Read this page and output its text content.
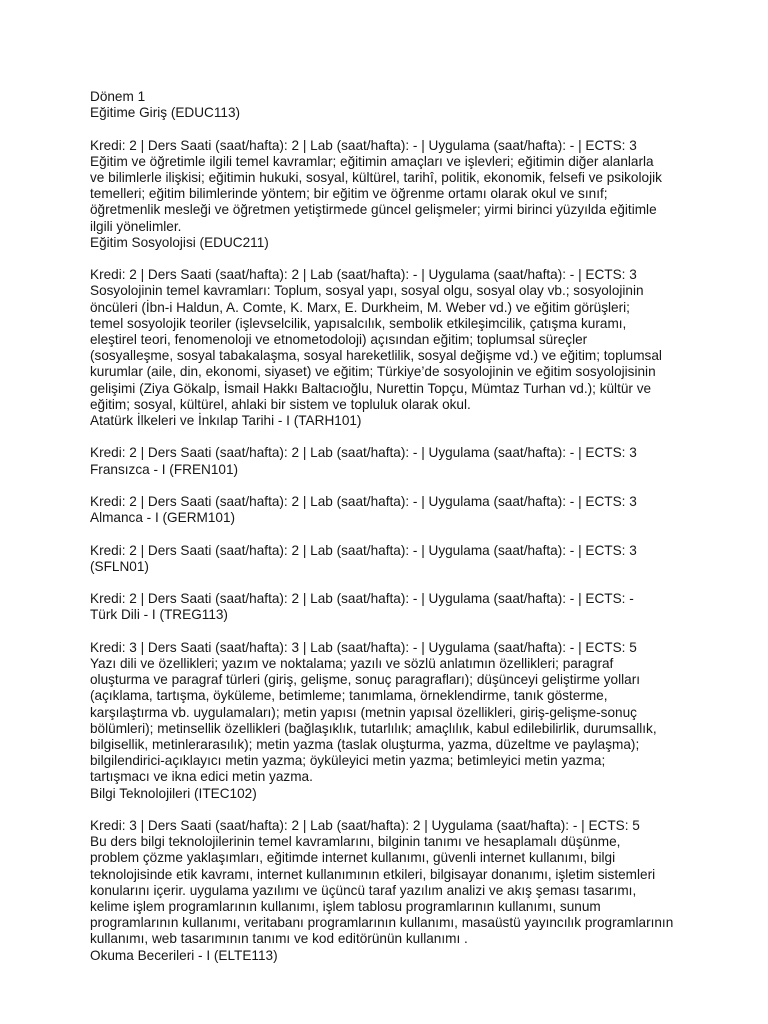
Dönem 1
Eğitime Giriş (EDUC113)
Kredi: 2 | Ders Saati (saat/hafta): 2 | Lab (saat/hafta): - | Uygulama (saat/hafta): - | ECTS: 3
Eğitim ve öğretimle ilgili temel kavramlar; eğitimin amaçları ve işlevleri; eğitimin diğer alanlarla
ve bilimlerle ilişkisi; eğitimin hukuki, sosyal, kültürel, tarihî, politik, ekonomik, felsefi ve psikolojik
temelleri; eğitim bilimlerinde yöntem; bir eğitim ve öğrenme ortamı olarak okul ve sınıf;
öğretmenlik mesleği ve öğretmen yetiştirmede güncel gelişmeler; yirmi birinci yüzyılda eğitimle
ilgili yönelimler.
Eğitim Sosyolojisi (EDUC211)
Kredi: 2 | Ders Saati (saat/hafta): 2 | Lab (saat/hafta): - | Uygulama (saat/hafta): - | ECTS: 3
Sosyolojinin temel kavramları: Toplum, sosyal yapı, sosyal olgu, sosyal olay vb.; sosyolojinin
öncüleri (İbn-i Haldun, A. Comte, K. Marx, E. Durkheim, M. Weber vd.) ve eğitim görüşleri;
temel sosyolojik teoriler (işlevselcilik, yapısalcılık, sembolik etkileşimcilik, çatışma kuramı,
eleştirel teori, fenomenoloji ve etnometodoloji) açısından eğitim; toplumsal süreçler
(sosyalleşme, sosyal tabakalaşma, sosyal hareketlilik, sosyal değişme vd.) ve eğitim; toplumsal
kurumlar (aile, din, ekonomi, siyaset) ve eğitim; Türkiye’de sosyolojinin ve eğitim sosyolojisinin
gelişimi (Ziya Gökalp, İsmail Hakkı Baltacıoğlu, Nurettin Topçu, Mümtaz Turhan vd.); kültür ve
eğitim; sosyal, kültürel, ahlaki bir sistem ve topluluk olarak okul.
Atatürk İlkeleri ve İnkılap Tarihi - I (TARH101)
Kredi: 2 | Ders Saati (saat/hafta): 2 | Lab (saat/hafta): - | Uygulama (saat/hafta): - | ECTS: 3
Fransızca - I (FREN101)
Kredi: 2 | Ders Saati (saat/hafta): 2 | Lab (saat/hafta): - | Uygulama (saat/hafta): - | ECTS: 3
Almanca - I (GERM101)
Kredi: 2 | Ders Saati (saat/hafta): 2 | Lab (saat/hafta): - | Uygulama (saat/hafta): - | ECTS: 3
(SFLN01)
Kredi: 2 | Ders Saati (saat/hafta): 2 | Lab (saat/hafta): - | Uygulama (saat/hafta): - | ECTS: -
Türk Dili - I (TREG113)
Kredi: 3 | Ders Saati (saat/hafta): 3 | Lab (saat/hafta): - | Uygulama (saat/hafta): - | ECTS: 5
Yazı dili ve özellikleri; yazım ve noktalama; yazılı ve sözlü anlatımın özellikleri; paragraf
oluşturma ve paragraf türleri (giriş, gelişme, sonuç paragrafları); düşünceyi geliştirme yolları
(açıklama, tartışma, öyküleme, betimleme; tanımlama, örneklendirme, tanık gösterme,
karşılaştırma vb. uygulamaları); metin yapısı (metnin yapısal özellikleri, giriş-gelişme-sonuç
bölümleri); metinsellik özellikleri (bağlaşıklık, tutarlılık; amaçlılık, kabul edilebilirlik, durumsallık,
bilgisellik, metinlerarasılık); metin yazma (taslak oluşturma, yazma, düzeltme ve paylaşma);
bilgilendirici-açıklayıcı metin yazma; öyküleyici metin yazma; betimleyici metin yazma;
tartışmacı ve ikna edici metin yazma.
Bilgi Teknolojileri (ITEC102)
Kredi: 3 | Ders Saati (saat/hafta): 2 | Lab (saat/hafta): 2 | Uygulama (saat/hafta): - | ECTS: 5
Bu ders bilgi teknolojilerinin temel kavramlarını, bilginin tanımı ve hesaplamalı düşünme,
problem çözme yaklaşımları, eğitimde internet kullanımı, güvenli internet kullanımı, bilgi
teknolojisinde etik kavramı, internet kullanımının etkileri, bilgisayar donanımı, işletim sistemleri
konularını içerir. uygulama yazılımı ve üçüncü taraf yazılım analizi ve akış şeması tasarımı,
kelime işlem programlarının kullanımı, işlem tablosu programlarının kullanımı, sunum
programlarının kullanımı, veritabanı programlarının kullanımı, masaüstü yayıncılık programlarının
kullanımı, web tasarımının tanımı ve kod editörünün kullanımı .
Okuma Becerileri - I (ELTE113)
